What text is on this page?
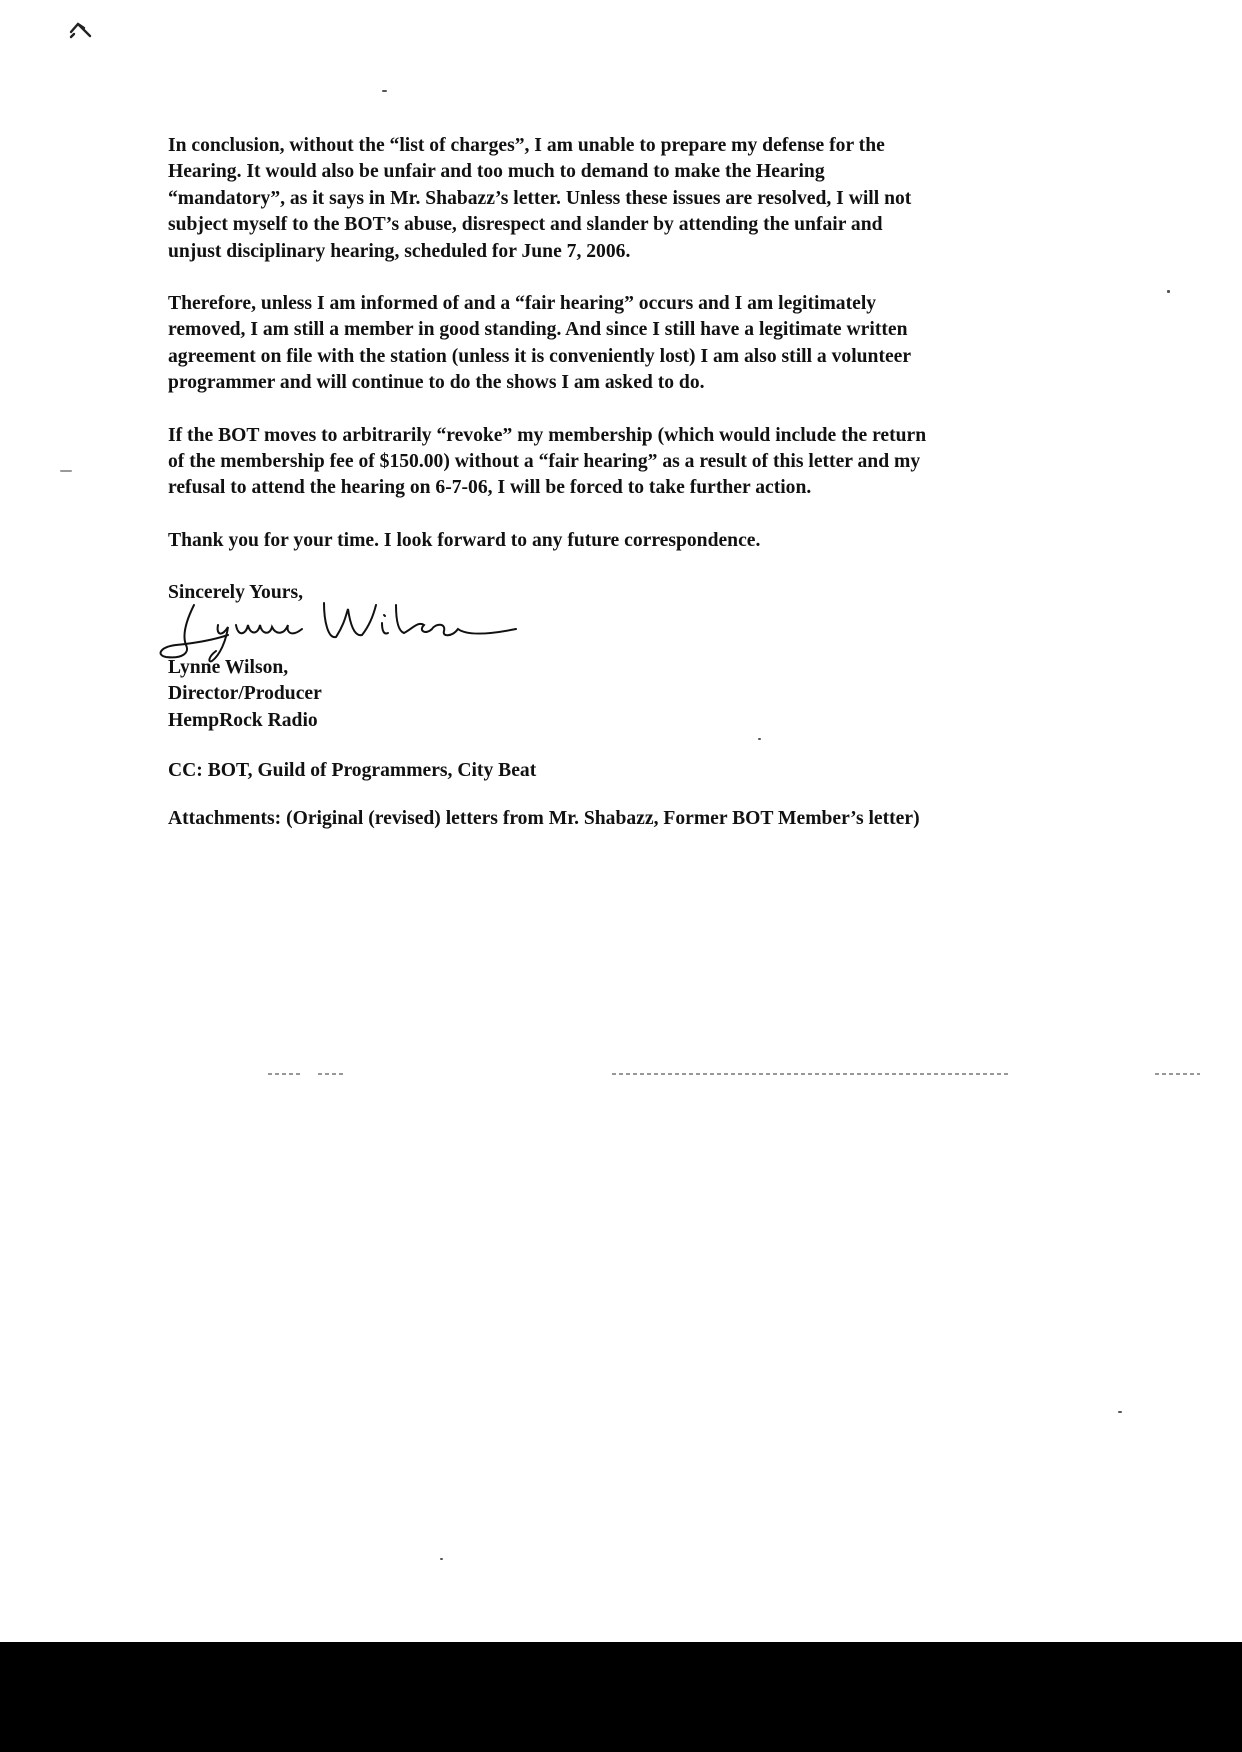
In conclusion, without the “list of charges”, I am unable to prepare my defense for the
Hearing. It would also be unfair and too much to demand to make the Hearing
“mandatory”, as it says in Mr. Shabazz’s letter. Unless these issues are resolved, I will not
subject myself to the BOT’s abuse, disrespect and slander by attending the unfair and
unjust disciplinary hearing, scheduled for June 7, 2006.

Therefore, unless I am informed of and a “fair hearing” occurs and I am legitimately
removed, I am still a member in good standing. And since I still have a legitimate written
agreement on file with the station (unless it is conveniently lost) I am also still a volunteer
programmer and will continue to do the shows I am asked to do.

If the BOT moves to arbitrarily “revoke” my membership (which would include the return
of the membership fee of $150.00) without a “fair hearing” as a result of this letter and my
refusal to attend the hearing on 6-7-06, I will be forced to take further action.

Thank you for your time. I look forward to any future correspondence.

Sincerely Yours,

Lynne Wilson,
Director/Producer
HempRock Radio

CC: BOT, Guild of Programmers, City Beat

Attachments: (Original (revised) letters from Mr. Shabazz, Former BOT Member’s letter)
